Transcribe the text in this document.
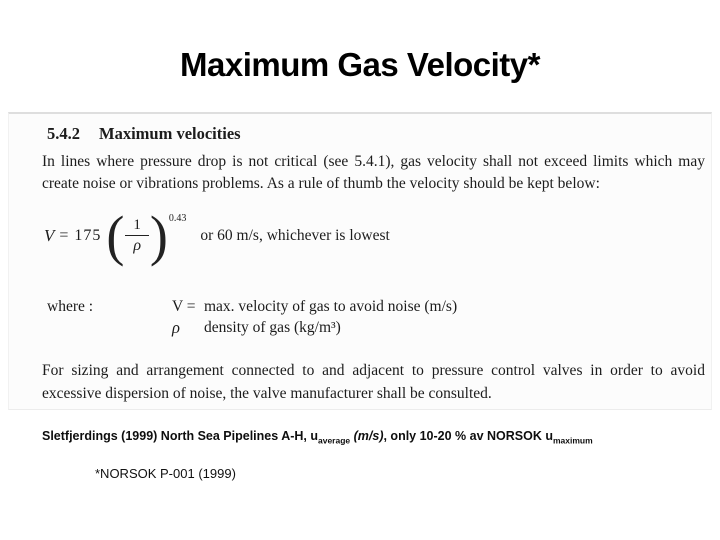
Maximum Gas Velocity*
5.4.2 Maximum velocities

In lines where pressure drop is not critical (see 5.4.1), gas velocity shall not exceed limits which may create noise or vibrations problems. As a rule of thumb the velocity should be kept below:

V = 175 ( $\frac{1}{\rho}$ ) 0.43
or 60 m/s, whichever is lowest
where :	V = max. velocity of gas to avoid noise (m/s)
ρ	density of gas (kg/m³)

For sizing and arrangement connected to and adjacent to pressure control valves in order to avoid excessive dispersion of noise, the valve manufacturer shall be consulted.

Sletfjerdings (1999) North Sea Pipelines A-H, $u_{average}$ (m/s), only 10-20 % av NORSOK $u_{maximum}$
*NORSOK P-001 (1999)
